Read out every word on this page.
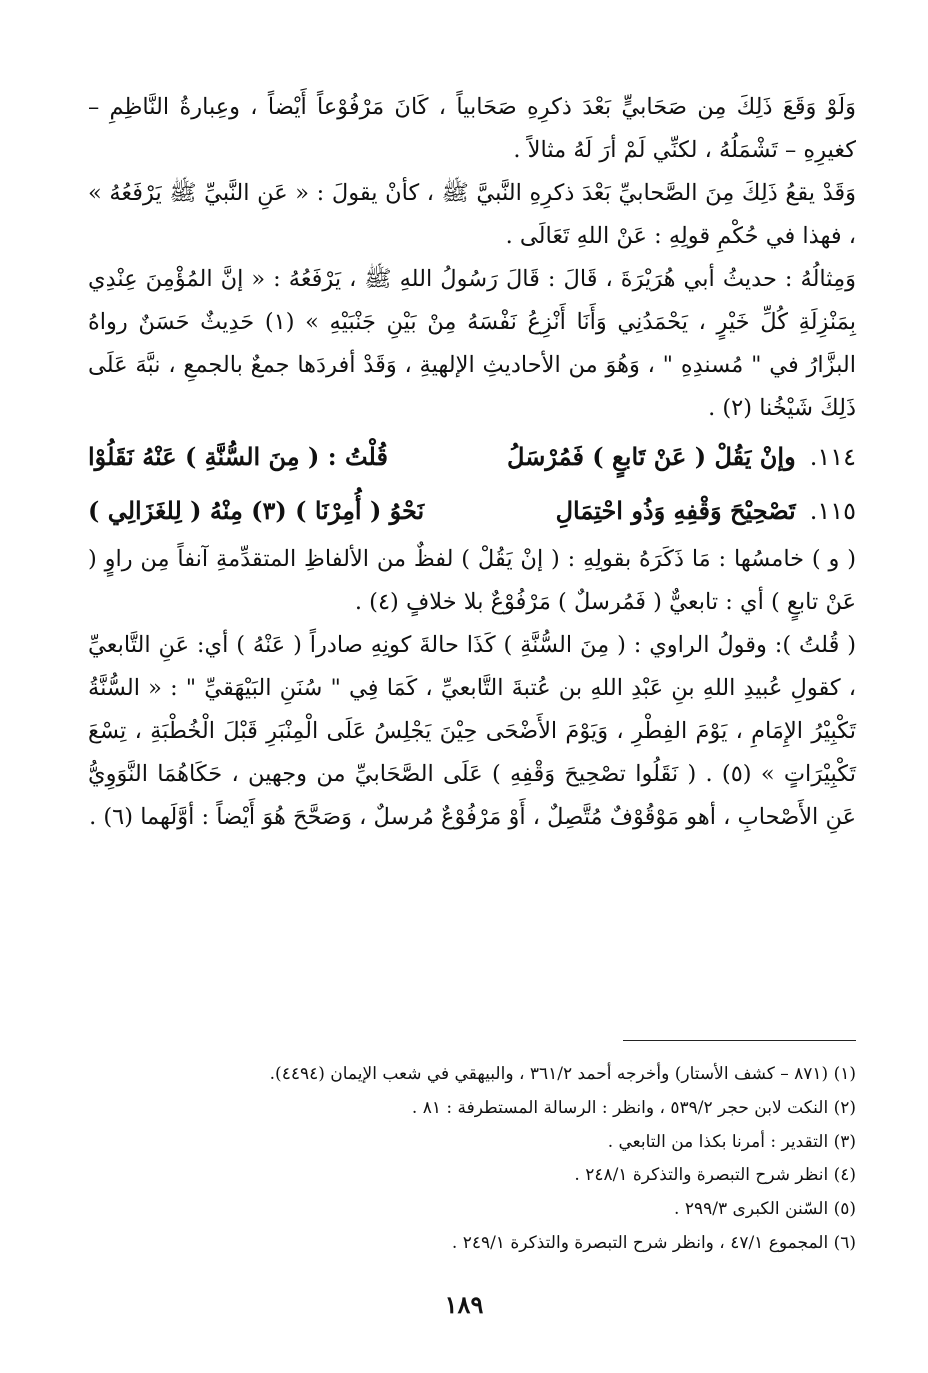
وَلَوْ وَقَعَ ذَلِكَ مِن صَحَابيٍّ بَعْدَ ذكرِهِ صَحَابياً ، كَانَ مَرْفُوْعاً أَيْضاً ، وعِبارةُ النَّاظِمِ – كغيرِهِ – تَشْمَلُهُ ، لكنِّي لَمْ أرَ لَهُ مثالاً .

وَقَدْ يقعُ ذَلِكَ مِنَ الصَّحابيِّ بَعْدَ ذكرِهِ النَّبيَّ ﷺ ، كأنْ يقولَ : « عَنِ النَّبيِّ ﷺ يَرْفَعُهُ » ، فهذا في حُكْمِ قولِهِ : عَنْ اللهِ تَعَالَى .

وَمِثالُهُ : حديثُ أبي هُرَيْرَةَ ، قَالَ : قَالَ رَسُولُ اللهِ ﷺ ، يَرْفَعُهُ : « إنَّ المُؤْمِنَ عِنْدِي بِمَنْزِلَةِ كُلِّ خَيْرٍ ، يَحْمَدُنِي وَأَنَا أَنْزِعُ نَفْسَهُ مِنْ بَيْنِ جَنْبَيْهِ » (١) حَدِيثٌ حَسَنٌ رواهُ البزَّارُ في " مُسندِهِ " ، وَهُوَ من الأحاديثِ الإلهيةِ ، وَقَدْ أفردَها جمعٌ بالجمعِ ، نبَّهَ عَلَى ذَلِكَ شَيْخُنا (٢) .

١١٤.
وإنْ يَقُلْ ( عَنْ تَابعٍ ) فَمُرْسَلُ
قُلْتُ : ( مِنَ السُّنَّةِ ) عَنْهُ نَقَلُوْا
١١٥.
تَصْحِيْحَ وَقْفِهِ وَذُو احْتِمَالِ
نَحْوُ ( أُمِرْنَا ) (٣) مِنْهُ ( لِلغَزَالِي )

( و ) خامسُها : مَا ذَكَرَهُ بقولِهِ : ( إنْ يَقُلْ ) لفظٌ من الألفاظِ المتقدِّمةِ آنفاً مِن راوٍ ( عَنْ تابعٍ ) أي : تابعيٌّ ( فَمُرسلٌ ) مَرْفُوْعٌ بلا خلافٍ (٤) .

( قُلتُ ): وقولُ الراوي : ( مِنَ السُّنَّةِ ) كَذَا حالةَ كونِهِ صادراً ( عَنْهُ ) أي: عَنِ التَّابعيِّ ، كقولِ عُبيدِ اللهِ بنِ عَبْدِ اللهِ بن عُتبةَ التَّابعيِّ ، كَمَا فِي " سُنَنِ البَيْهَقيِّ " : « السُّنَّةُ تَكْبِيْرُ الإِمَامِ ، يَوْمَ الفِطْرِ ، وَيَوْمَ الأَضْحَى حِيْنَ يَجْلِسُ عَلَى الْمِنْبَرِ قَبْلَ الْخُطْبَةِ ، تِسْعَ تَكْبِيْرَاتٍ » (٥) . ( نَقَلُوا تصْحِيحَ وَقْفِهِ ) عَلَى الصَّحَابيِّ من وجهين ، حَكَاهُمَا النَّوَوِيُّ عَنِ الأَصْحابِ ، أهو مَوْقُوْفٌ مُتَّصِلٌ ، أَوْ مَرْفُوْعٌ مُرسلٌ ، وَصَحَّحَ هُوَ أَيْضاً : أوَّلَهما (٦) .

(١) (٨٧١ – كشف الأستار) وأخرجه أحمد ٣٦١/٢ ، والبيهقي في شعب الإيمان (٤٤٩٤).

(٢) النكت لابن حجر ٥٣٩/٢ ، وانظر : الرسالة المستطرفة : ٨١ .

(٣) التقدير : أمرنا بكذا من التابعي .

(٤) انظر شرح التبصرة والتذكرة ٢٤٨/١ .

(٥) السّنن الكبرى ٢٩٩/٣ .

(٦) المجموع ٤٧/١ ، وانظر شرح التبصرة والتذكرة ٢٤٩/١ .

١٨٩
